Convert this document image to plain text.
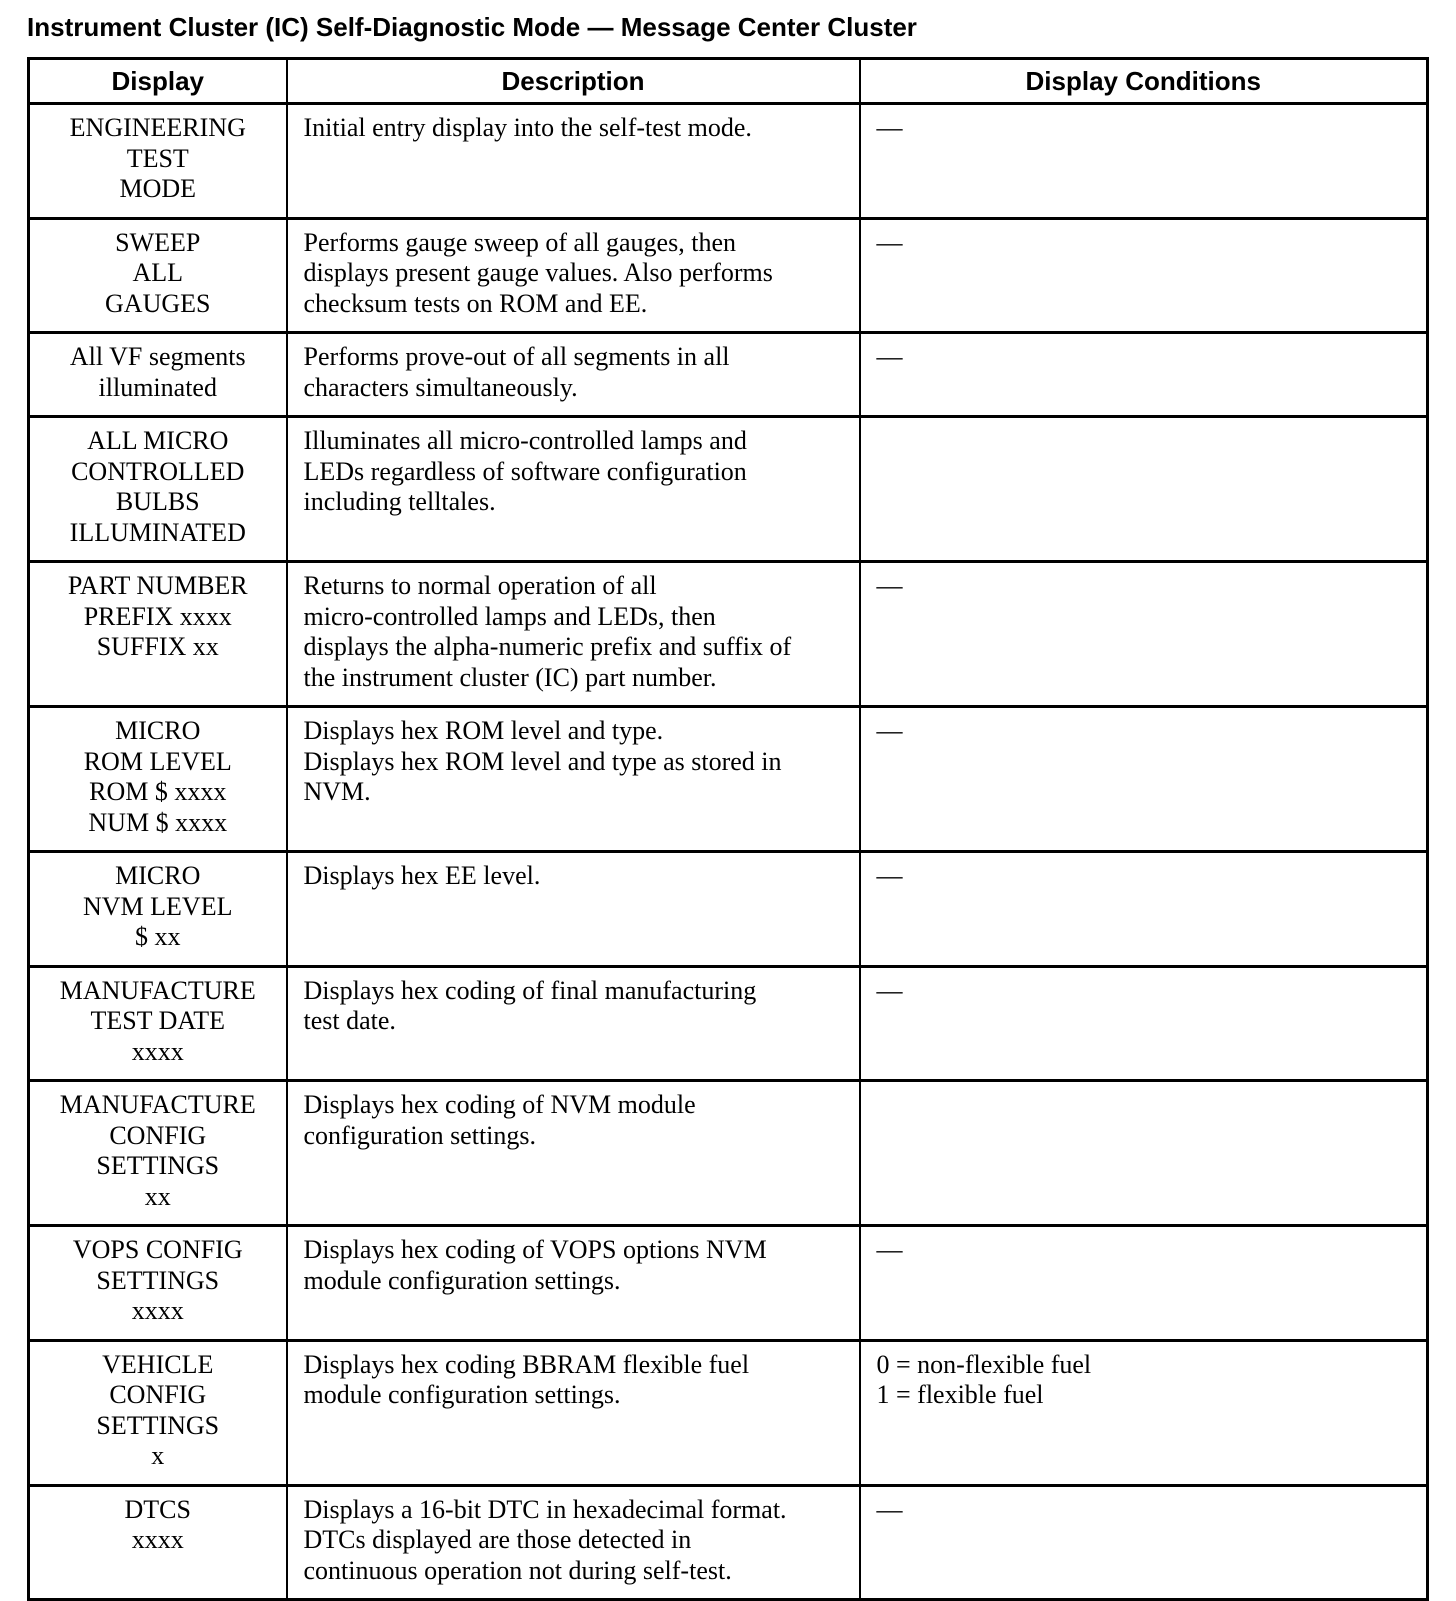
Instrument Cluster (IC) Self-Diagnostic Mode — Message Center Cluster
Display	Description	Display Conditions

ENGINEERING
TEST
MODE	Initial entry display into the self-test mode.	—

SWEEP
ALL
GAUGES	Performs gauge sweep of all gauges, then
displays present gauge values. Also performs
checksum tests on ROM and EE.	—

All VF segments
illuminated	Performs prove-out of all segments in all
characters simultaneously.	—

ALL MICRO
CONTROLLED
BULBS
ILLUMINATED	Illuminates all micro-controlled lamps and
LEDs regardless of software configuration
including telltales.	

PART NUMBER
PREFIX xxxx
SUFFIX xx	Returns to normal operation of all
micro-controlled lamps and LEDs, then
displays the alpha-numeric prefix and suffix of
the instrument cluster (IC) part number.	—

MICRO
ROM LEVEL
ROM $ xxxx
NUM $ xxxx	Displays hex ROM level and type.
Displays hex ROM level and type as stored in
NVM.	—

MICRO
NVM LEVEL
$ xx	Displays hex EE level.	—

MANUFACTURE
TEST DATE
xxxx	Displays hex coding of final manufacturing
test date.	—

MANUFACTURE
CONFIG
SETTINGS
xx	Displays hex coding of NVM module
configuration settings.	

VOPS CONFIG
SETTINGS
xxxx	Displays hex coding of VOPS options NVM
module configuration settings.	—

VEHICLE
CONFIG
SETTINGS
x	Displays hex coding BBRAM flexible fuel
module configuration settings.	0 = non-flexible fuel
1 = flexible fuel

DTCS
xxxx	Displays a 16-bit DTC in hexadecimal format.
DTCs displayed are those detected in
continuous operation not during self-test.	—
